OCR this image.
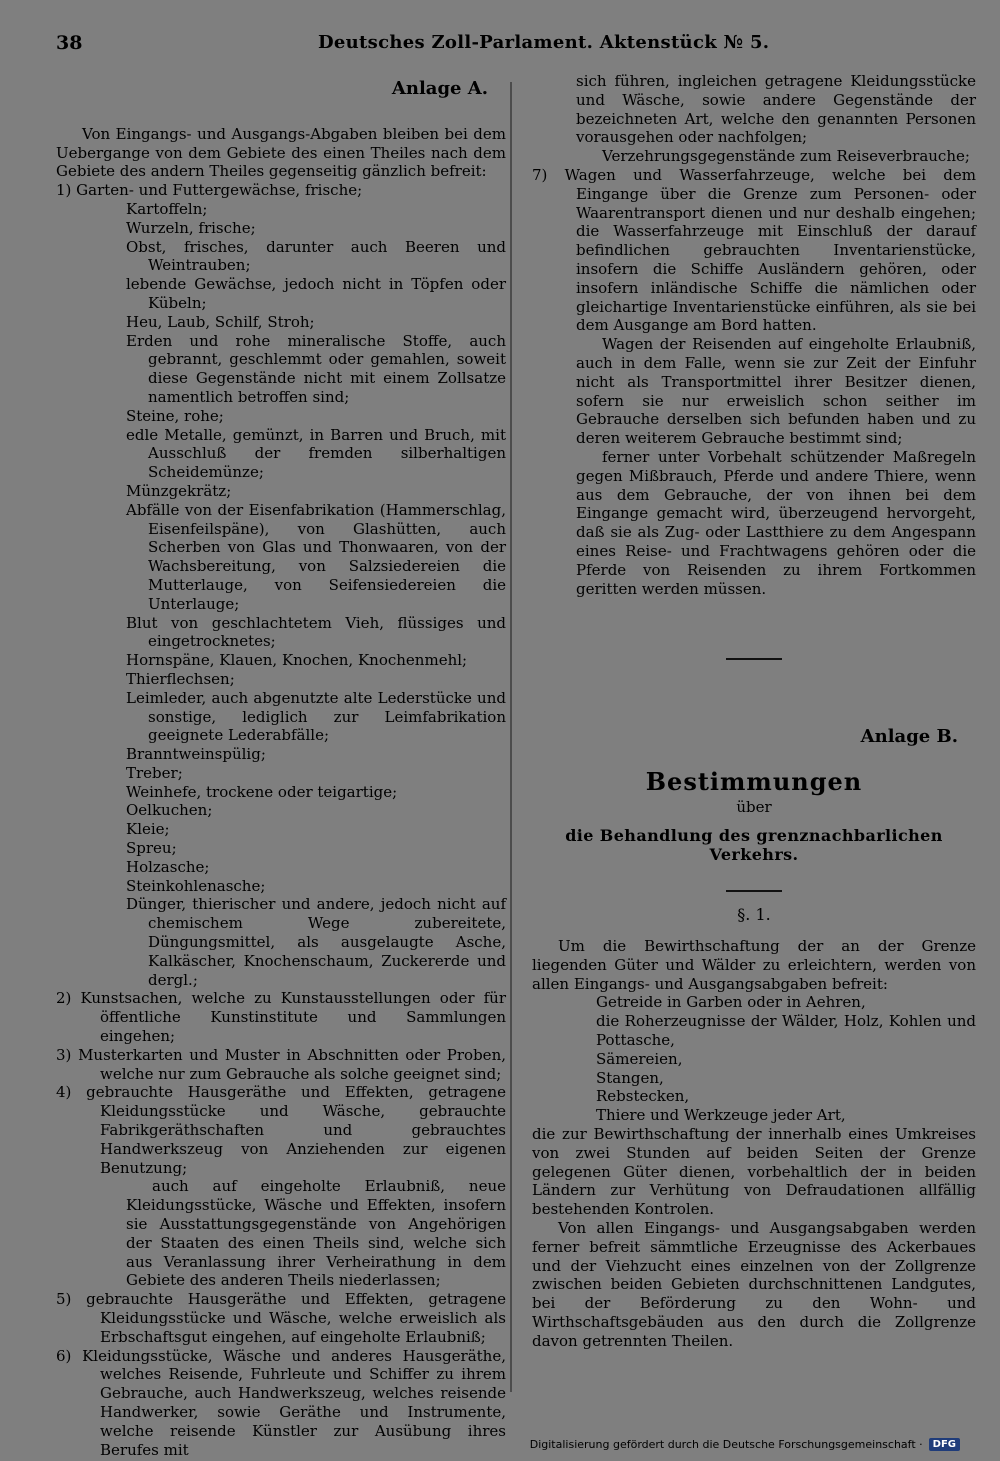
38	Deutsches Zoll-Parlament. Aktenstück № 5.
Anlage A.
Von Eingangs- und Ausgangs-Abgaben bleiben bei dem Uebergange von dem Gebiete des einen Theiles nach dem Gebiete des andern Theiles gegenseitig gänzlich befreit:
1) Garten- und Futtergewächse, frische;
Kartoffeln;
Wurzeln, frische;
Obst, frisches, darunter auch Beeren und Weintrauben;
lebende Gewächse, jedoch nicht in Töpfen oder Kübeln;
Heu, Laub, Schilf, Stroh;
Erden und rohe mineralische Stoffe, auch gebrannt, geschlemmt oder gemahlen, soweit diese Gegenstände nicht mit einem Zollsatze namentlich betroffen sind;
Steine, rohe;
edle Metalle, gemünzt, in Barren und Bruch, mit Ausschluß der fremden silberhaltigen Scheidemünze;
Münzgekrätz;
Abfälle von der Eisenfabrikation (Hammerschlag, Eisenfeilspäne), von Glashütten, auch Scherben von Glas und Thonwaaren, von der Wachsbereitung, von Salzsiedereien die Mutterlauge, von Seifensiedereien die Unterlauge;
Blut von geschlachtetem Vieh, flüssiges und eingetrocknetes;
Hornspäne, Klauen, Knochen, Knochenmehl;
Thierflechsen;
Leimleder, auch abgenutzte alte Lederstücke und sonstige, lediglich zur Leimfabrikation geeignete Lederabfälle;
Branntweinspülig;
Treber;
Weinhefe, trockene oder teigartige;
Oelkuchen;
Kleie;
Spreu;
Holzasche;
Steinkohlenasche;
Dünger, thierischer und andere, jedoch nicht auf chemischem Wege zubereitete, Düngungsmittel, als ausgelaugte Asche, Kalkäscher, Knochenschaum, Zuckererde und dergl.;
2) Kunstsachen, welche zu Kunstausstellungen oder für öffentliche Kunstinstitute und Sammlungen eingehen;
3) Musterkarten und Muster in Abschnitten oder Proben, welche nur zum Gebrauche als solche geeignet sind;
4) gebrauchte Hausgeräthe und Effekten, getragene Kleidungsstücke und Wäsche, gebrauchte Fabrikgeräthschaften und gebrauchtes Handwerkszeug von Anziehenden zur eigenen Benutzung;
auch auf eingeholte Erlaubniß, neue Kleidungsstücke, Wäsche und Effekten, insofern sie Ausstattungsgegenstände von Angehörigen der Staaten des einen Theils sind, welche sich aus Veranlassung ihrer Verheirathung in dem Gebiete des anderen Theils niederlassen;
5) gebrauchte Hausgeräthe und Effekten, getragene Kleidungsstücke und Wäsche, welche erweislich als Erbschaftsgut eingehen, auf eingeholte Erlaubniß;
6) Kleidungsstücke, Wäsche und anderes Hausgeräthe, welches Reisende, Fuhrleute und Schiffer zu ihrem Gebrauche, auch Handwerkszeug, welches reisende Handwerker, sowie Geräthe und Instrumente, welche reisende Künstler zur Ausübung ihres Berufes mit
sich führen, ingleichen getragene Kleidungsstücke und Wäsche, sowie andere Gegenstände der bezeichneten Art, welche den genannten Personen vorausgehen oder nachfolgen;
Verzehrungsgegenstände zum Reiseverbrauche;
7) Wagen und Wasserfahrzeuge, welche bei dem Eingange über die Grenze zum Personen- oder Waarentransport dienen und nur deshalb eingehen; die Wasserfahrzeuge mit Einschluß der darauf befindlichen gebrauchten Inventarienstücke, insofern die Schiffe Ausländern gehören, oder insofern inländische Schiffe die nämlichen oder gleichartige Inventarienstücke einführen, als sie bei dem Ausgange am Bord hatten.
Wagen der Reisenden auf eingeholte Erlaubniß, auch in dem Falle, wenn sie zur Zeit der Einfuhr nicht als Transportmittel ihrer Besitzer dienen, sofern sie nur erweislich schon seither im Gebrauche derselben sich befunden haben und zu deren weiterem Gebrauche bestimmt sind;
ferner unter Vorbehalt schützender Maßregeln gegen Mißbrauch, Pferde und andere Thiere, wenn aus dem Gebrauche, der von ihnen bei dem Eingange gemacht wird, überzeugend hervorgeht, daß sie als Zug- oder Lastthiere zu dem Angespann eines Reise- und Frachtwagens gehören oder die Pferde von Reisenden zu ihrem Fortkommen geritten werden müssen.
Anlage B.
Bestimmungen
über
die Behandlung des grenznachbarlichen Verkehrs.
§. 1.
Um die Bewirthschaftung der an der Grenze liegenden Güter und Wälder zu erleichtern, werden von allen Eingangs- und Ausgangsabgaben befreit:
Getreide in Garben oder in Aehren,
die Roherzeugnisse der Wälder, Holz, Kohlen und Pottasche,
Sämereien,
Stangen,
Rebstecken,
Thiere und Werkzeuge jeder Art,
die zur Bewirthschaftung der innerhalb eines Umkreises von zwei Stunden auf beiden Seiten der Grenze gelegenen Güter dienen, vorbehaltlich der in beiden Ländern zur Verhütung von Defraudationen allfällig bestehenden Kontrolen.
Von allen Eingangs- und Ausgangsabgaben werden ferner befreit sämmtliche Erzeugnisse des Ackerbaues und der Viehzucht eines einzelnen von der Zollgrenze zwischen beiden Gebieten durchschnittenen Landgutes, bei der Beförderung zu den Wohn- und Wirthschaftsgebäuden aus den durch die Zollgrenze davon getrennten Theilen.
Digitalisierung gefördert durch die Deutsche Forschungsgemeinschaft ·	DFG
